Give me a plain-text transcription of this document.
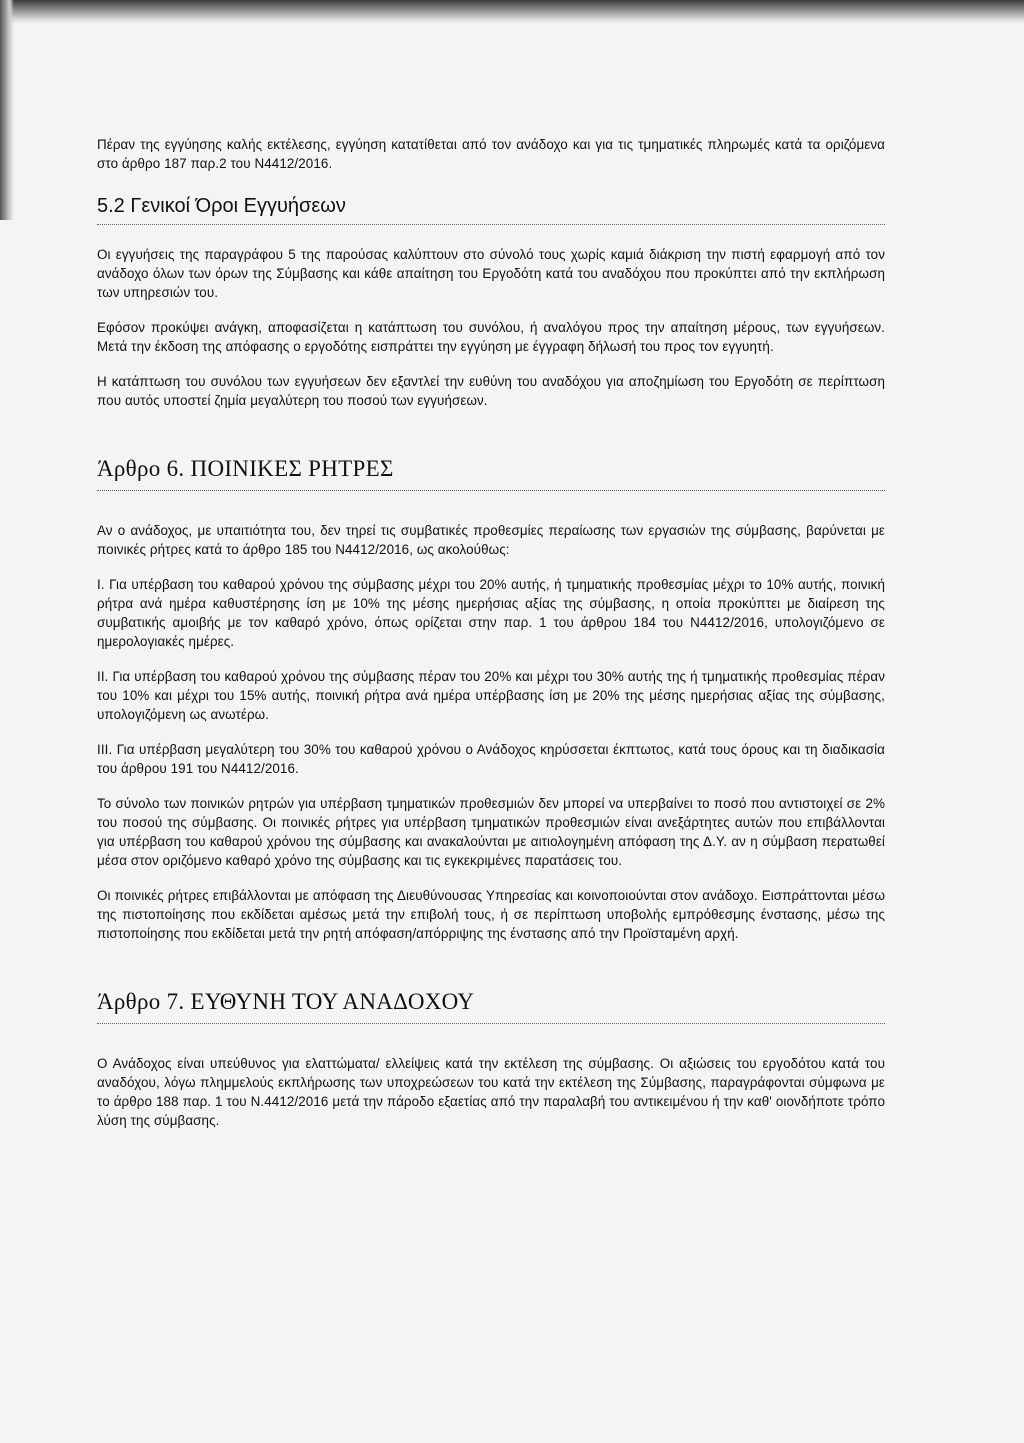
Πέραν της εγγύησης καλής εκτέλεσης, εγγύηση κατατίθεται από τον ανάδοχο και για τις τμηματικές πληρωμές κατά τα οριζόμενα στο άρθρο 187 παρ.2 του Ν4412/2016.

5.2 Γενικοί Όροι Εγγυήσεων

Οι εγγυήσεις της παραγράφου 5 της παρούσας καλύπτουν στο σύνολό τους χωρίς καμιά διάκριση την πιστή εφαρμογή από τον ανάδοχο όλων των όρων της Σύμβασης και κάθε απαίτηση του Εργοδότη κατά του αναδόχου που προκύπτει από την εκπλήρωση των υπηρεσιών του.

Εφόσον προκύψει ανάγκη, αποφασίζεται η κατάπτωση του συνόλου, ή αναλόγου προς την απαίτηση μέρους, των εγγυήσεων. Μετά την έκδοση της απόφασης ο εργοδότης εισπράττει την εγγύηση με έγγραφη δήλωσή του προς τον εγγυητή.

Η κατάπτωση του συνόλου των εγγυήσεων δεν εξαντλεί την ευθύνη του αναδόχου για αποζημίωση του Εργοδότη σε περίπτωση που αυτός υποστεί ζημία μεγαλύτερη του ποσού των εγγυήσεων.

Άρθρο 6. ΠΟΙΝΙΚΕΣ ΡΗΤΡΕΣ

Αν ο ανάδοχος, με υπαιτιότητα του, δεν τηρεί τις συμβατικές προθεσμίες περαίωσης των εργασιών της σύμβασης, βαρύνεται με ποινικές ρήτρες κατά το άρθρο 185 του Ν4412/2016, ως ακολούθως:

Ι. Για υπέρβαση του καθαρού χρόνου της σύμβασης μέχρι του 20% αυτής, ή τμηματικής προθεσμίας μέχρι το 10% αυτής, ποινική ρήτρα ανά ημέρα καθυστέρησης ίση με 10% της μέσης ημερήσιας αξίας της σύμβασης, η οποία προκύπτει με διαίρεση της συμβατικής αμοιβής με τον καθαρό χρόνο, όπως ορίζεται στην παρ. 1 του άρθρου 184 του Ν4412/2016, υπολογιζόμενο σε ημερολογιακές ημέρες.

ΙΙ. Για υπέρβαση του καθαρού χρόνου της σύμβασης πέραν του 20% και μέχρι του 30% αυτής της ή τμηματικής προθεσμίας πέραν του 10% και μέχρι του 15% αυτής, ποινική ρήτρα ανά ημέρα υπέρβασης ίση με 20% της μέσης ημερήσιας αξίας της σύμβασης, υπολογιζόμενη ως ανωτέρω.

ΙΙΙ. Για υπέρβαση μεγαλύτερη του 30% του καθαρού χρόνου ο Ανάδοχος κηρύσσεται έκπτωτος, κατά τους όρους και τη διαδικασία του άρθρου 191 του Ν4412/2016.

Το σύνολο των ποινικών ρητρών για υπέρβαση τμηματικών προθεσμιών δεν μπορεί να υπερβαίνει το ποσό που αντιστοιχεί σε 2% του ποσού της σύμβασης. Οι ποινικές ρήτρες για υπέρβαση τμηματικών προθεσμιών είναι ανεξάρτητες αυτών που επιβάλλονται για υπέρβαση του καθαρού χρόνου της σύμβασης και ανακαλούνται με αιτιολογημένη απόφαση της Δ.Υ. αν η σύμβαση περατωθεί μέσα στον οριζόμενο καθαρό χρόνο της σύμβασης και τις εγκεκριμένες παρατάσεις του.

Οι ποινικές ρήτρες επιβάλλονται με απόφαση της Διευθύνουσας Υπηρεσίας και κοινοποιούνται στον ανάδοχο. Εισπράττονται μέσω της πιστοποίησης που εκδίδεται αμέσως μετά την επιβολή τους, ή σε περίπτωση υποβολής εμπρόθεσμης ένστασης, μέσω της πιστοποίησης που εκδίδεται μετά την ρητή απόφαση/απόρριψης της ένστασης από την Προϊσταμένη αρχή.

Άρθρο 7. ΕΥΘΥΝΗ ΤΟΥ ΑΝΑΔΟΧΟΥ

Ο Ανάδοχος είναι υπεύθυνος για ελαττώματα/ ελλείψεις κατά την εκτέλεση της σύμβασης. Οι αξιώσεις του εργοδότου κατά του αναδόχου, λόγω πλημμελούς εκπλήρωσης των υποχρεώσεων του κατά την εκτέλεση της Σύμβασης, παραγράφονται σύμφωνα με το άρθρο 188 παρ. 1 του Ν.4412/2016 μετά την πάροδο εξαετίας από την παραλαβή του αντικειμένου ή την καθ' οιονδήποτε τρόπο λύση της σύμβασης.
